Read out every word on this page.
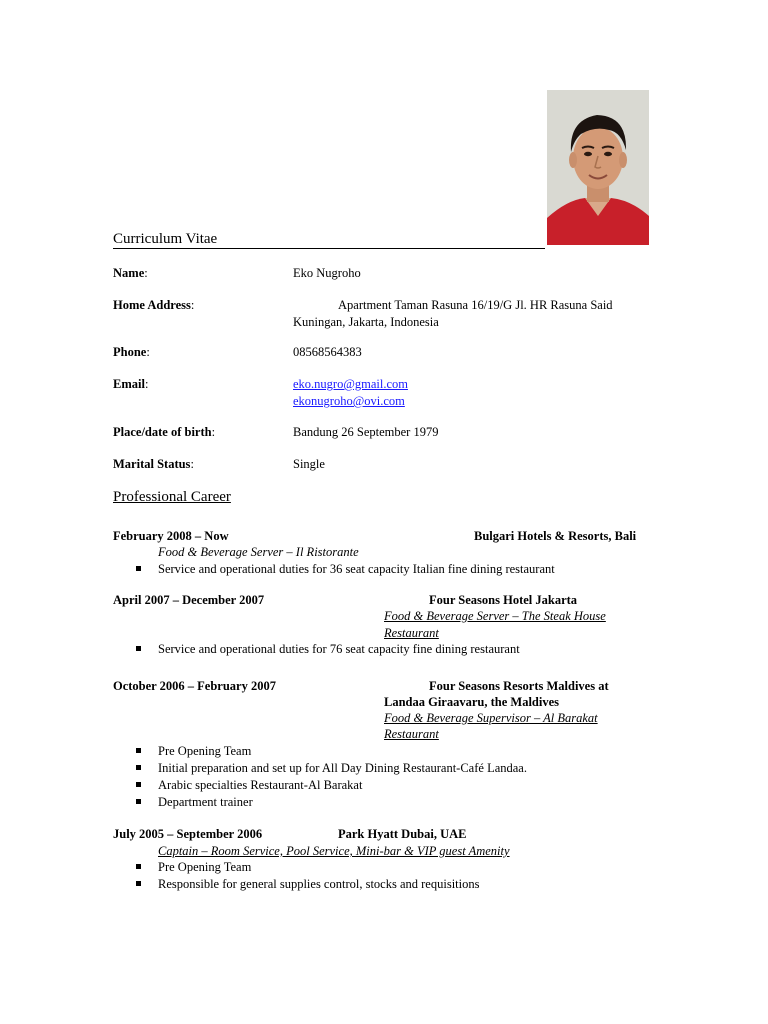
Curriculum Vitae
Name:	Eko Nugroho
Home Address:	Apartment Taman Rasuna 16/19/G Jl. HR Rasuna Said
Kuningan, Jakarta, Indonesia
Phone:	08568564383
Email:	eko.nugro@gmail.com
ekonugroho@ovi.com
Place/date of birth:	Bandung 26 September 1979
Marital Status:	Single
Professional Career
February 2008 – Now	Bulgari Hotels & Resorts, Bali
Food & Beverage Server – Il Ristorante
Service and operational duties for 36 seat capacity Italian fine dining restaurant
April 2007 – December 2007	Four Seasons Hotel Jakarta
Food & Beverage Server – The Steak House
Restaurant
Service and operational duties for 76 seat capacity fine dining restaurant
October 2006 – February 2007	Four Seasons Resorts Maldives at
Landaa Giraavaru, the Maldives
Food & Beverage Supervisor – Al Barakat
Restaurant
Pre Opening Team
Initial preparation and set up for All Day Dining Restaurant-Café Landaa.
Arabic specialties Restaurant-Al Barakat
Department trainer
July 2005 – September 2006	Park Hyatt Dubai, UAE
Captain – Room Service, Pool Service, Mini-bar & VIP guest Amenity
Pre Opening Team
Responsible for general supplies control, stocks and requisitions
